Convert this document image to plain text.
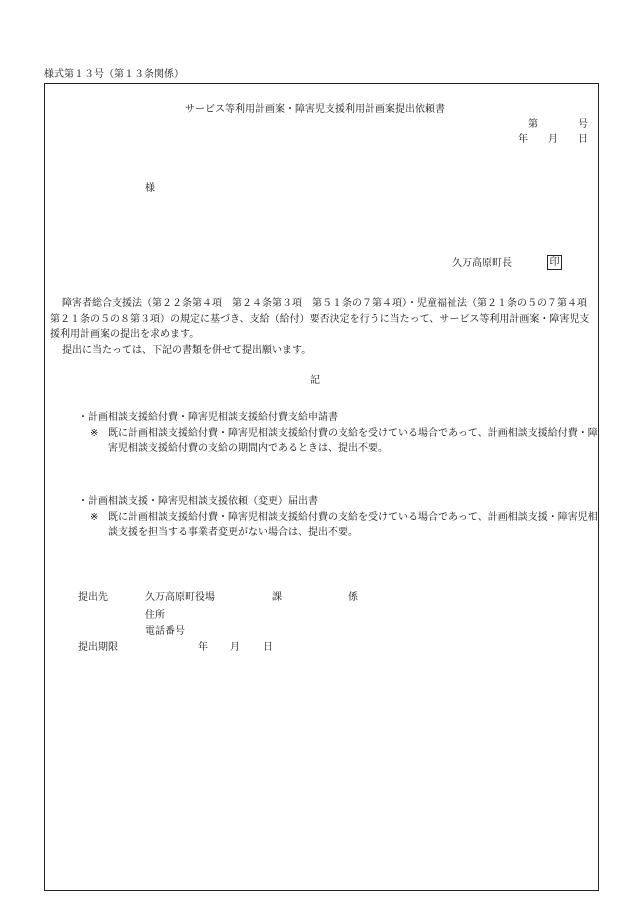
様式第１３号（第１３条関係）
サービス等利用計画案・障害児支援利用計画案提出依頼書
第	号
年 月 日
様
久万高原町長	印

障害者総合支援法（第２２条第４項　第２４条第３項　第５１条の７第４項）・児童福祉法（第２１条の５の７第４項　第２１条の５の８第３項）の規定に基づき、支給（給付）要否決定を行うに当たって、サービス等利用計画案・障害児支援利用計画案の提出を求めます。

提出に当たっては、下記の書類を併せて提出願います。

記

・計画相談支援給付費・障害児相談支援給付費支給申請書

※ 既に計画相談支援給付費・障害児相談支援給付費の支給を受けている場合であって、計画相談支援給付費・障害児相談支援給付費の支給の期間内であるときは、提出不要。

・計画相談支援・障害児相談支援依頼（変更）届出書

※ 既に計画相談支援給付費・障害児相談支援給付費の支給を受けている場合であって、計画相談支援・障害児相談支援を担当する事業者変更がない場合は、提出不要。

提出先	久万高原町役場	課	係
住所
電話番号
提出期限	年 月 日
